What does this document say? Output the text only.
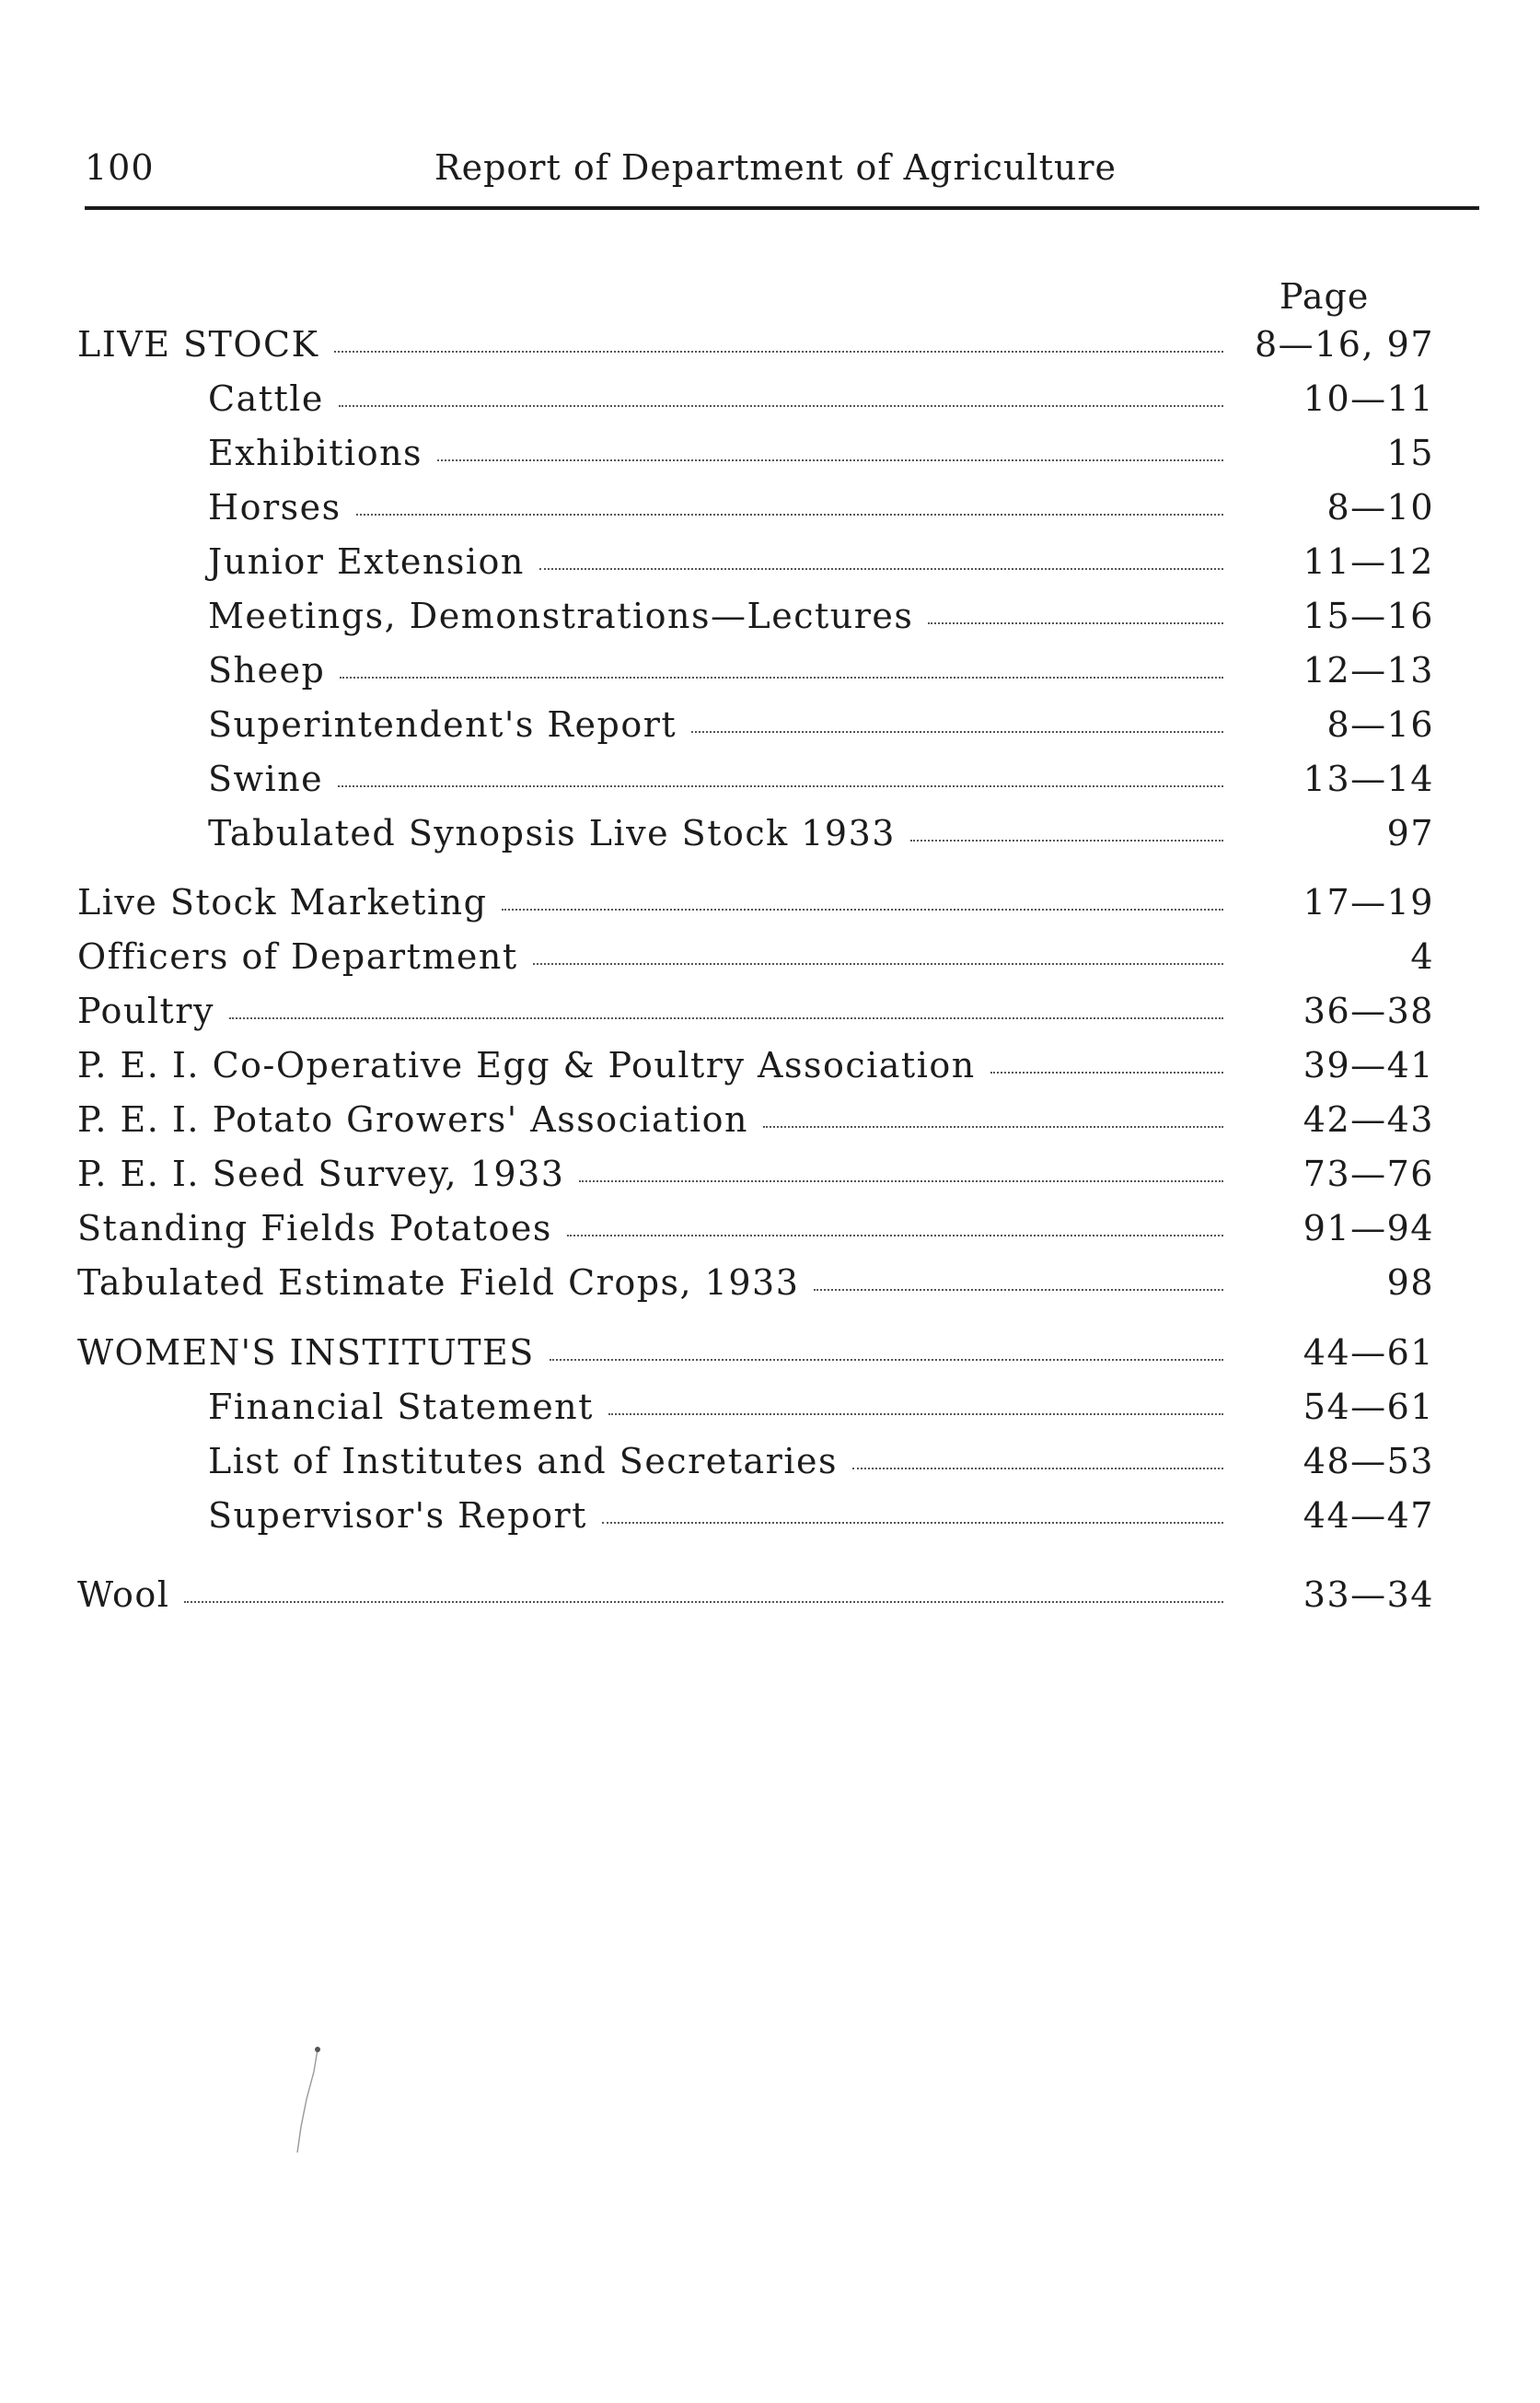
100	Report of Department of Agriculture
Page
LIVE STOCK	8—16, 97
Cattle	10—11
Exhibitions	15
Horses	8—10
Junior Extension	11—12
Meetings, Demonstrations—Lectures	15—16
Sheep	12—13
Superintendent's Report	8—16
Swine	13—14
Tabulated Synopsis Live Stock 1933	97
Live Stock Marketing	17—19
Officers of Department	4
Poultry	36—38
P. E. I. Co-Operative Egg & Poultry Association	39—41
P. E. I. Potato Growers' Association	42—43
P. E. I. Seed Survey, 1933	73—76
Standing Fields Potatoes	91—94
Tabulated Estimate Field Crops, 1933	98
WOMEN'S INSTITUTES	44—61
Financial Statement	54—61
List of Institutes and Secretaries	48—53
Supervisor's Report	44—47
Wool	33—34
